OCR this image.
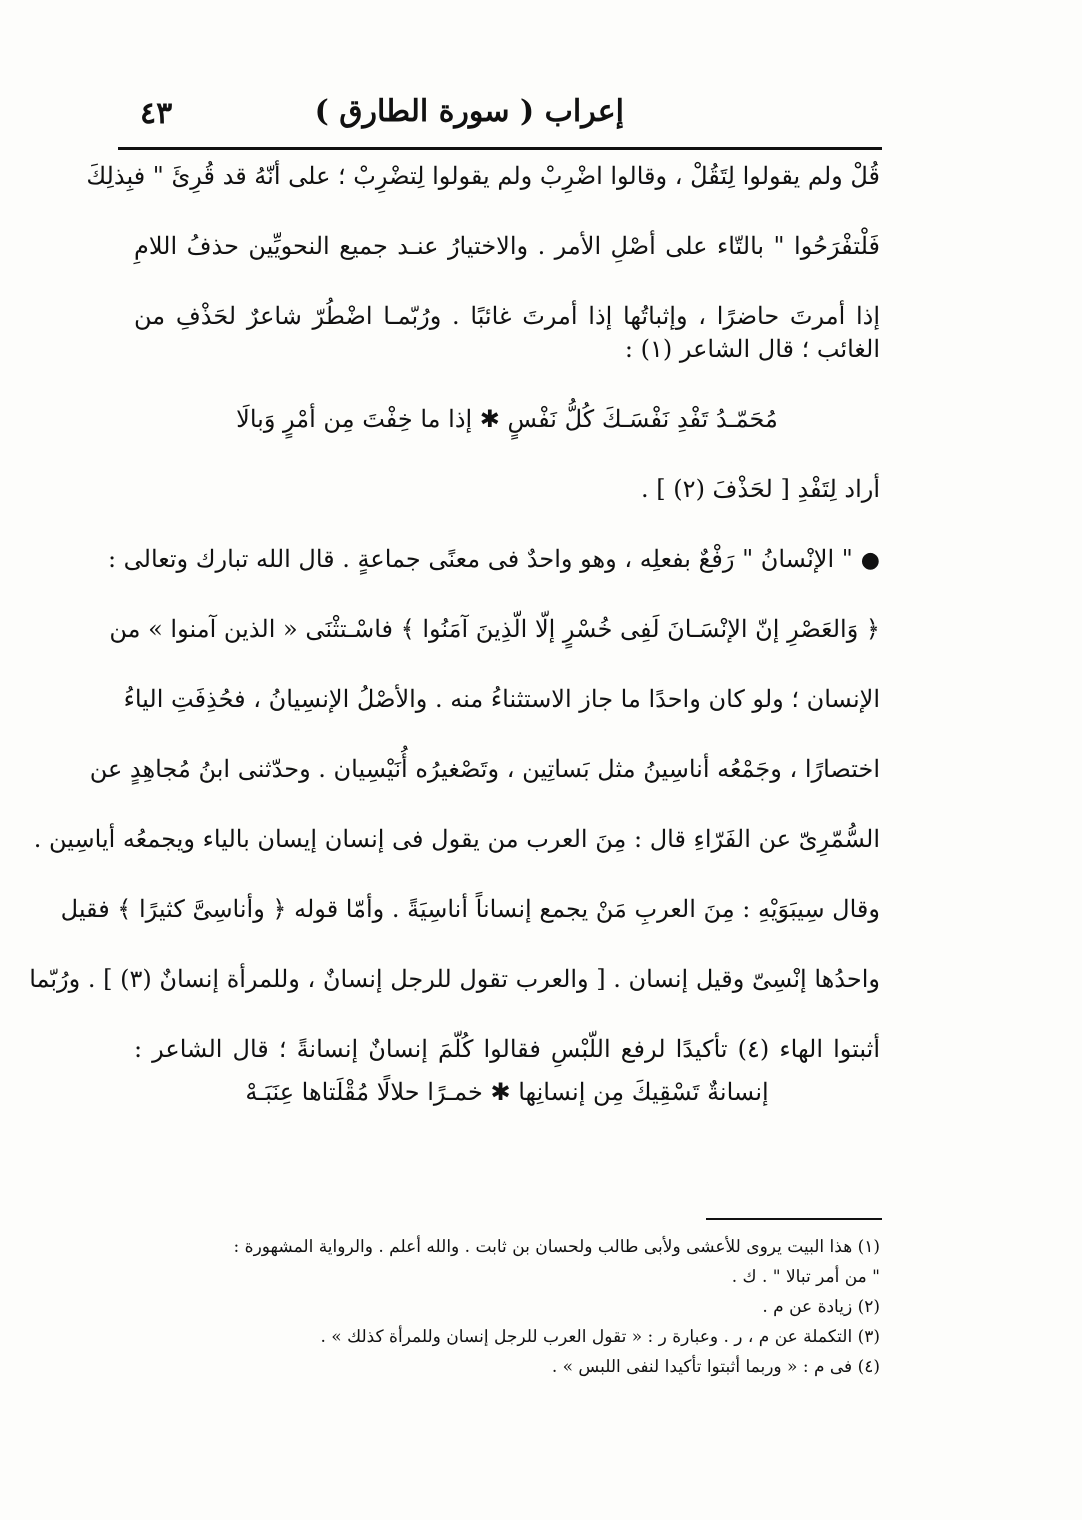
إعراب ( سورة الطارق )
٤٣
قُلْ ولم يقولوا لِتَقُلْ ، وقالوا اضْرِبْ ولم يقولوا لِتضْرِبْ ؛ على أنّهُ قد قُرِئَ " فبِذلِكَ
فَلْتفْرَحُوا " بالتّاء على أصْلِ الأمر . والاختيارُ عنـد جميع النحويِّين حذفُ اللامِ
إذا أمرتَ حاضرًا ، وإثباتُها إذا أمرتَ غائبًا . ورُبّمـا اضْطُرّ شاعرٌ لحَذْفِ من
الغائب ؛ قال الشاعر (١) :
مُحَمّـدُ تَفْدِ نَفْسَـكَ كُلُّ نَفْسٍ ✱ إذا ما خِفْتَ مِن أمْرٍ وَبالَا
أراد لِتَفْدِ [ لحَذْفَ (٢) ] .
●" الإنْسانُ " رَفْعٌ بفعلِه ، وهو واحدٌ فى معنًى جماعةٍ . قال الله تبارك وتعالى :
﴿ وَالعَصْرِ إنّ الإنْسَـانَ لَفِى خُسْرٍ إلّا الّذِينَ آمَنُوا ﴾ فاسْـتثْنَى « الذين آمنوا » من
الإنسان ؛ ولو كان واحدًا ما جاز الاستثناءُ منه . والأصْلُ الإنسِيانُ ، فحُذِفَتِ الياءُ
اختصارًا ، وجَمْعُه أناسِينُ مثل بَساتِين ، وتَصْغيرُه أُنَيْسِيان . وحدّثنى ابنُ مُجاهِدٍ عن
السُّمّرِىّ عن الفَرّاءِ قال : مِنَ العرب من يقول فى إنسان إيسان بالياء ويجمعُه أياسِين .
وقال سِيبَوَيْهِ : مِنَ العربِ مَنْ يجمع إنساناً أناسِيَةً . وأمّا قوله ﴿ وأناسِىَّ كثيرًا ﴾ فقيل
واحدُها إنْسِىّ وقيل إنسان . [ والعرب تقول للرجل إنسانٌ ، وللمرأة إنسانٌ (٣) ] . ورُبّما
أثبتوا الهاء (٤) تأكيدًا لرفع اللّبْسِ فقالوا كُلّمَ إنسانٌ إنسانةً ؛ قال الشاعر :
إنسانةٌ تَسْقِيكَ مِن إنسانِها ✱ خمـرًا حلالًا مُقْلَتاها عِنَبَـهْ
(١) هذا البيت يروى للأعشى ولأبى طالب ولحسان بن ثابت . والله أعلم . والرواية المشهورة :
" من أمر تبالا " . ك .
(٢) زيادة عن م .
(٣) التكملة عن م ، ر . وعبارة ر : « تقول العرب للرجل إنسان وللمرأة كذلك » .
(٤) فى م : « وربما أثبتوا تأكيدا لنفى اللبس » .
